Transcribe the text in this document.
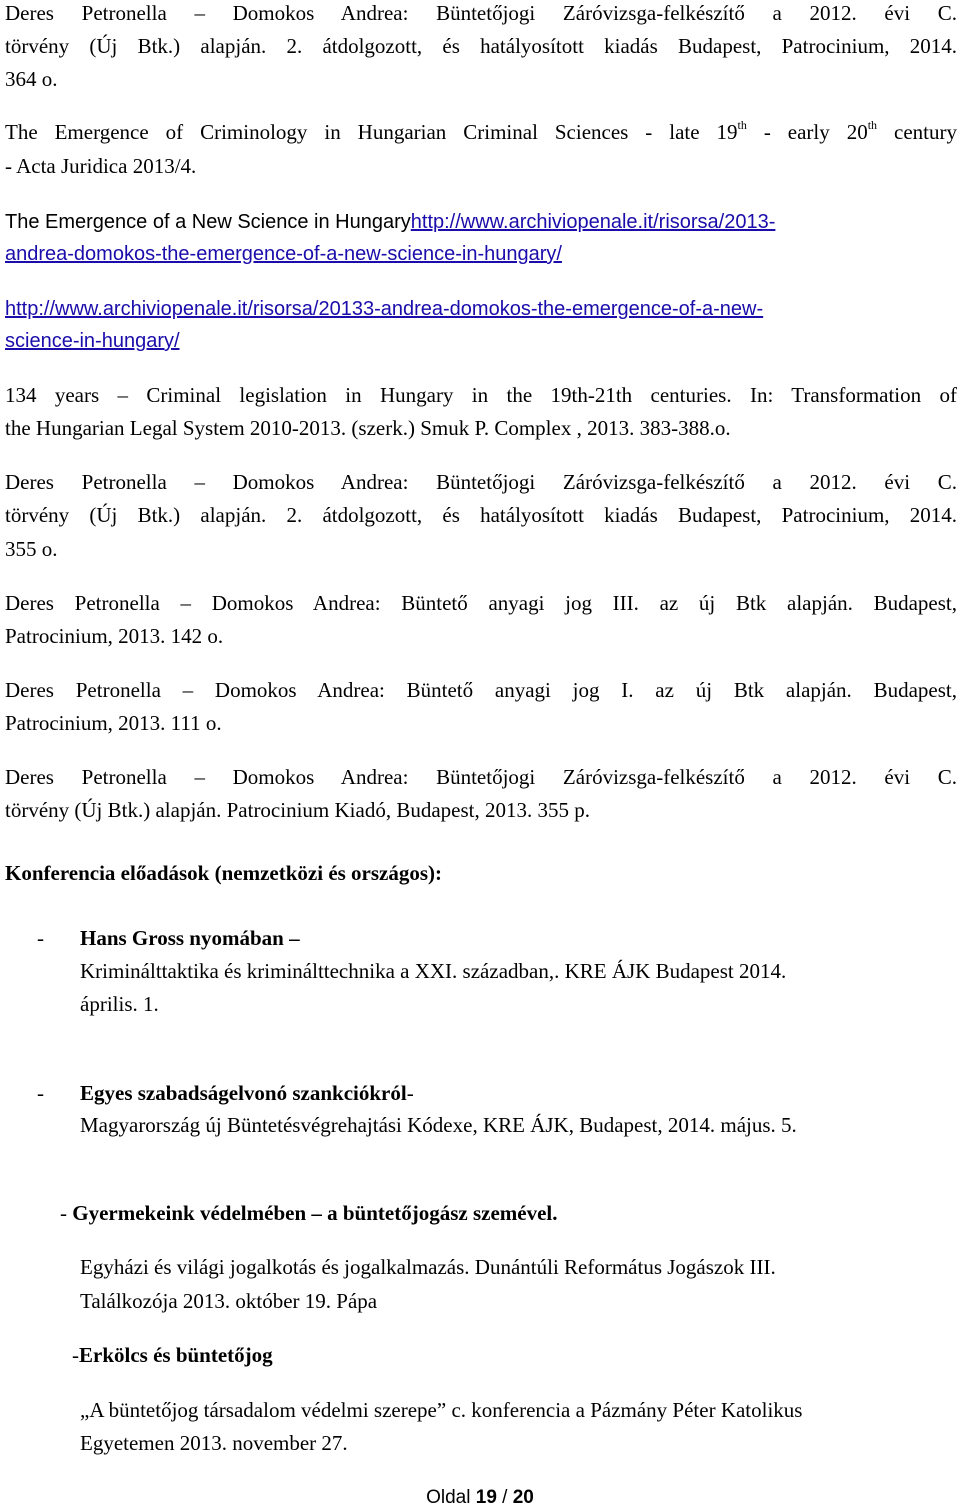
Deres Petronella – Domokos Andrea: Büntetőjogi Záróvizsga-felkészítő a 2012. évi C.
törvény (Új Btk.) alapján. 2. átdolgozott, és hatályosított kiadás Budapest, Patrocinium, 2014.
364 o.
The Emergence of Criminology in Hungarian Criminal Sciences - late 19th - early 20th century
- Acta Juridica 2013/4.
The Emergence of a New Science in Hungaryhttp://www.archiviopenale.it/risorsa/2013-
andrea-domokos-the-emergence-of-a-new-science-in-hungary/
http://www.archiviopenale.it/risorsa/20133-andrea-domokos-the-emergence-of-a-new-
science-in-hungary/
134 years – Criminal legislation in Hungary in the 19th-21th centuries. In: Transformation of
the Hungarian Legal System 2010-2013. (szerk.) Smuk P. Complex , 2013. 383-388.o.
Deres Petronella – Domokos Andrea: Büntetőjogi Záróvizsga-felkészítő a 2012. évi C.
törvény (Új Btk.) alapján. 2. átdolgozott, és hatályosított kiadás Budapest, Patrocinium, 2014.
355 o.
Deres Petronella – Domokos Andrea: Büntető anyagi jog III. az új Btk alapján. Budapest,
Patrocinium, 2013. 142 o.
Deres Petronella – Domokos Andrea: Büntető anyagi jog I. az új Btk alapján. Budapest,
Patrocinium, 2013. 111 o.
Deres Petronella – Domokos Andrea: Büntetőjogi Záróvizsga-felkészítő a 2012. évi C.
törvény (Új Btk.) alapján. Patrocinium Kiadó, Budapest, 2013. 355 p.
Konferencia előadások (nemzetközi és országos):
-	Hans Gross nyomában –
Kriminálttaktika és kriminálttechnika a XXI. században,. KRE ÁJK Budapest 2014.
április. 1.
-	Egyes szabadságelvonó szankciókról-
Magyarország új Büntetésvégrehajtási Kódexe, KRE ÁJK, Budapest, 2014. május. 5.
- Gyermekeink védelmében – a büntetőjogász szemével.
Egyházi és világi jogalkotás és jogalkalmazás. Dunántúli Református Jogászok III.
Találkozója 2013. október 19. Pápa
-Erkölcs és büntetőjog
„A büntetőjog társadalom védelmi szerepe” c. konferencia a Pázmány Péter Katolikus
Egyetemen 2013. november 27.
Oldal 19 / 20
